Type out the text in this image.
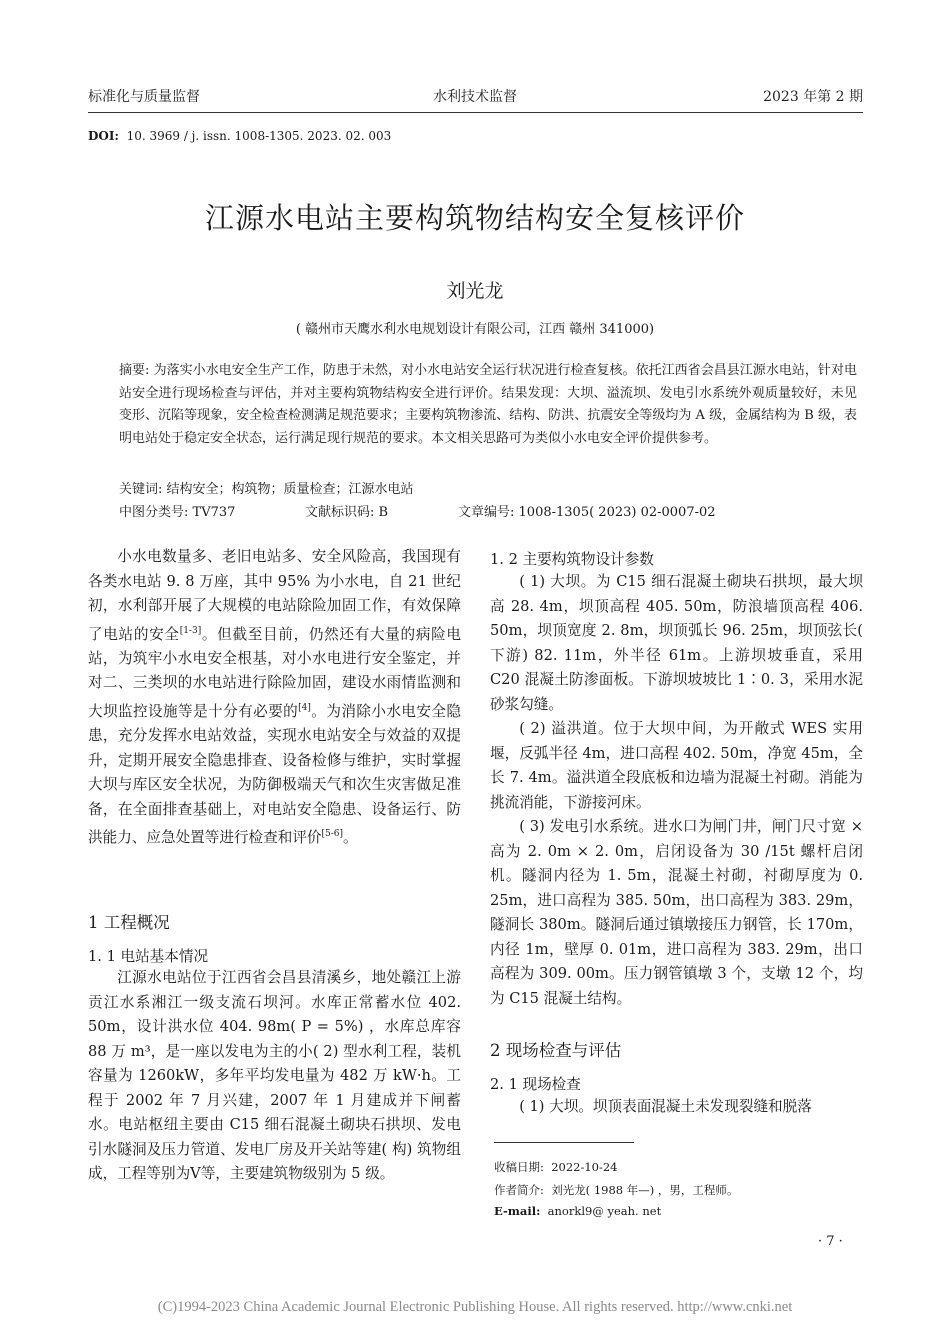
标准化与质量监督	水利技术监督	2023 年第 2 期
DOI: 10. 3969 / j. issn. 1008-1305. 2023. 02. 003
江源水电站主要构筑物结构安全复核评价
刘光龙
( 赣州市天鹰水利水电规划设计有限公司，江西 赣州 341000)
摘要: 为落实小水电安全生产工作，防患于未然，对小水电站安全运行状况进行检查复核。依托江西省会昌县江源水电站，针对电站安全进行现场检查与评估，并对主要构筑物结构安全进行评价。结果发现：大坝、溢流坝、发电引水系统外观质量较好，未见变形、沉陷等现象，安全检查检测满足规范要求；主要构筑物渗流、结构、防洪、抗震安全等级均为 A 级，金属结构为 B 级，表明电站处于稳定安全状态，运行满足现行规范的要求。本文相关思路可为类似小水电安全评价提供参考。
关键词: 结构安全；构筑物；质量检查；江源水电站
中图分类号: TV737	文献标识码: B	文章编号: 1008-1305( 2023) 02-0007-02

小水电数量多、老旧电站多、安全风险高，我国现有各类水电站 9. 8 万座，其中 95% 为小水电，自 21 世纪初，水利部开展了大规模的电站除险加固工作，有效保障了电站的安全[1-3]。但截至目前，仍然还有大量的病险电站，为筑牢小水电安全根基，对小水电进行安全鉴定，并对二、三类坝的水电站进行除险加固，建设水雨情监测和大坝监控设施等是十分有必要的[4]。为消除小水电安全隐患，充分发挥水电站效益，实现水电站安全与效益的双提升，定期开展安全隐患排查、设备检修与维护，实时掌握大坝与库区安全状况，为防御极端天气和次生灾害做足准备，在全面排查基础上，对电站安全隐患、设备运行、防洪能力、应急处置等进行检查和评价[5-6]。

1 工程概况
1. 1 电站基本情况

江源水电站位于江西省会昌县清溪乡，地处赣江上游贡江水系湘江一级支流石坝河。水库正常蓄水位 402. 50m，设计洪水位 404. 98m( P = 5%) ，水库总库容 88 万 m³，是一座以发电为主的小( 2) 型水利工程，装机容量为 1260kW，多年平均发电量为 482 万 kW·h。工程于 2002 年 7 月兴建，2007 年 1 月建成并下闸蓄水。电站枢纽主要由 C15 细石混凝土砌块石拱坝、发电引水隧洞及压力管道、发电厂房及开关站等建( 构) 筑物组成，工程等别为Ⅴ等，主要建筑物级别为 5 级。

1. 2 主要构筑物设计参数

( 1) 大坝。为 C15 细石混凝土砌块石拱坝，最大坝高 28. 4m，坝顶高程 405. 50m，防浪墙顶高程 406. 50m，坝顶宽度 2. 8m，坝顶弧长 96. 25m，坝顶弦长( 下游) 82. 11m，外半径 61m。上游坝坡垂直，采用 C20 混凝土防渗面板。下游坝坡坡比 1∶0. 3，采用水泥砂浆勾缝。

( 2) 溢洪道。位于大坝中间，为开敞式 WES 实用堰，反弧半径 4m，进口高程 402. 50m，净宽 45m，全长 7. 4m。溢洪道全段底板和边墙为混凝土衬砌。消能为挑流消能，下游接河床。

( 3) 发电引水系统。进水口为闸门井，闸门尺寸宽 × 高为 2. 0m × 2. 0m，启闭设备为 30 /15t 螺杆启闭机。隧洞内径为 1. 5m，混凝土衬砌，衬砌厚度为 0. 25m，进口高程为 385. 50m，出口高程为 383. 29m，隧洞长 380m。隧洞后通过镇墩接压力钢管，长 170m，内径 1m，壁厚 0. 01m，进口高程为 383. 29m，出口高程为 309. 00m。压力钢管镇墩 3 个，支墩 12 个，均为 C15 混凝土结构。

2 现场检查与评估
2. 1 现场检查

( 1) 大坝。坝顶表面混凝土未发现裂缝和脱落

收稿日期: 2022-10-24
作者简介: 刘光龙( 1988 年—) ，男，工程师。
E-mail: anorkl9@ yeah. net
· 7 ·
(C)1994-2023 China Academic Journal Electronic Publishing House. All rights reserved. http://www.cnki.net
